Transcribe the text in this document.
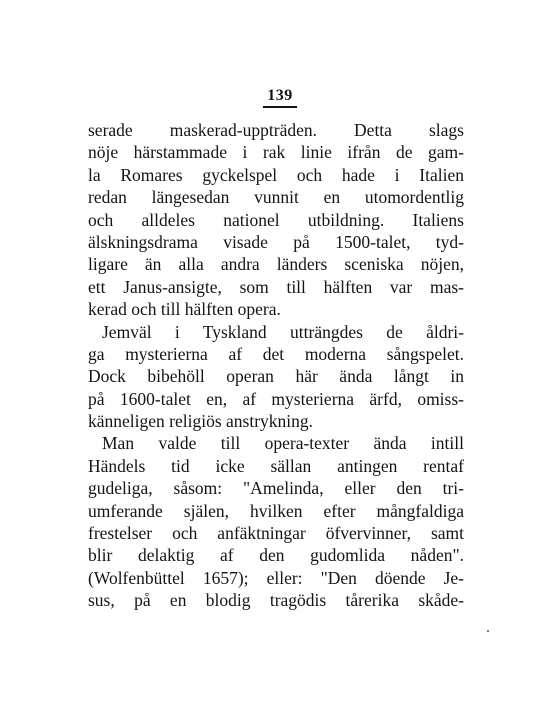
139
serade maskerad-uppträden. Detta slags
nöje härstammade i rak linie ifrån de gam-
la Romares gyckelspel och hade i Italien
redan längesedan vunnit en utomordentlig
och alldeles nationel utbildning. Italiens
älskningsdrama visade på 1500-talet, tyd-
ligare än alla andra länders sceniska nöjen,
ett Janus-ansigte, som till hälften var mas-
kerad och till hälften opera.
Jemväl i Tyskland utträngdes de åldri-
ga mysterierna af det moderna sångspelet.
Dock bibehöll operan här ända långt in
på 1600-talet en, af mysterierna ärfd, omiss-
känneligen religiös anstrykning.
Man valde till opera-texter ända intill
Händels tid icke sällan antingen rentaf
gudeliga, såsom: "Amelinda, eller den tri-
umferande själen, hvilken efter mångfaldiga
frestelser och anfäktningar öfvervinner, samt
blir delaktig af den gudomlida nåden".
(Wolfenbüttel 1657); eller: "Den döende Je-
sus, på en blodig tragödis tårerika skåde-
